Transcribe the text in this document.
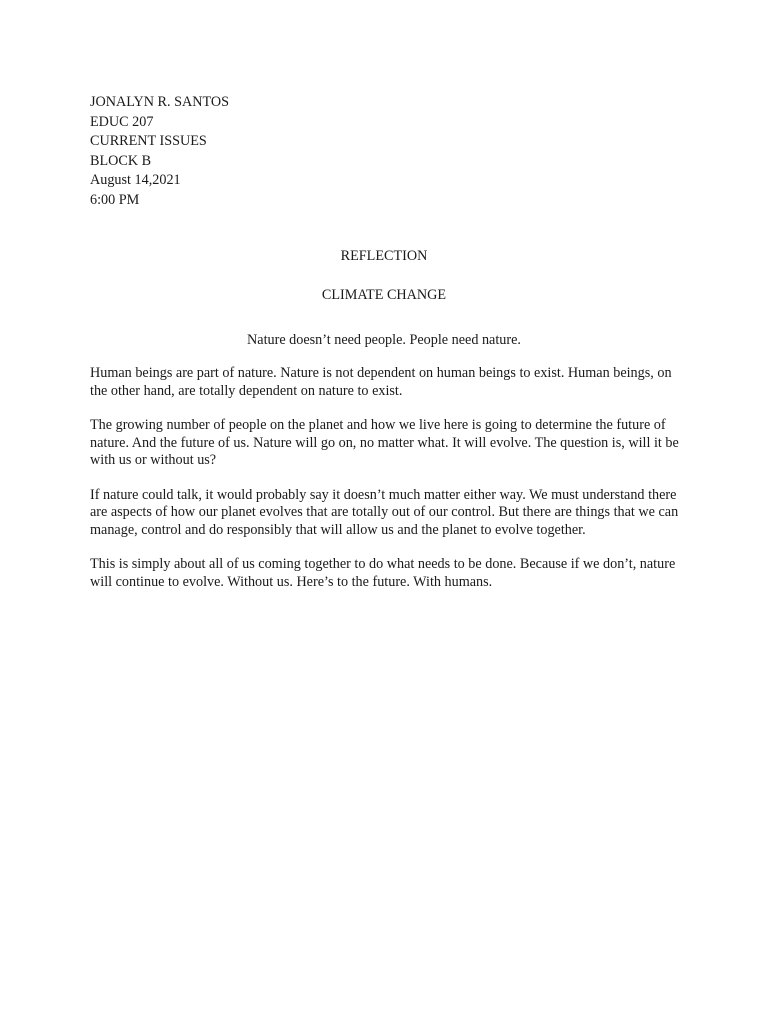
JONALYN R. SANTOS
EDUC 207
CURRENT ISSUES
BLOCK B
August 14,2021
6:00 PM
REFLECTION
CLIMATE CHANGE
Nature doesn’t need people. People need nature.

Human beings are part of nature. Nature is not dependent on human beings to exist. Human beings, on the other hand, are totally dependent on nature to exist.

The growing number of people on the planet and how we live here is going to determine the future of nature. And the future of us. Nature will go on, no matter what. It will evolve. The question is, will it be with us or without us?

If nature could talk, it would probably say it doesn’t much matter either way. We must understand there are aspects of how our planet evolves that are totally out of our control. But there are things that we can manage, control and do responsibly that will allow us and the planet to evolve together.

This is simply about all of us coming together to do what needs to be done. Because if we don’t, nature will continue to evolve. Without us. Here’s to the future. With humans.
